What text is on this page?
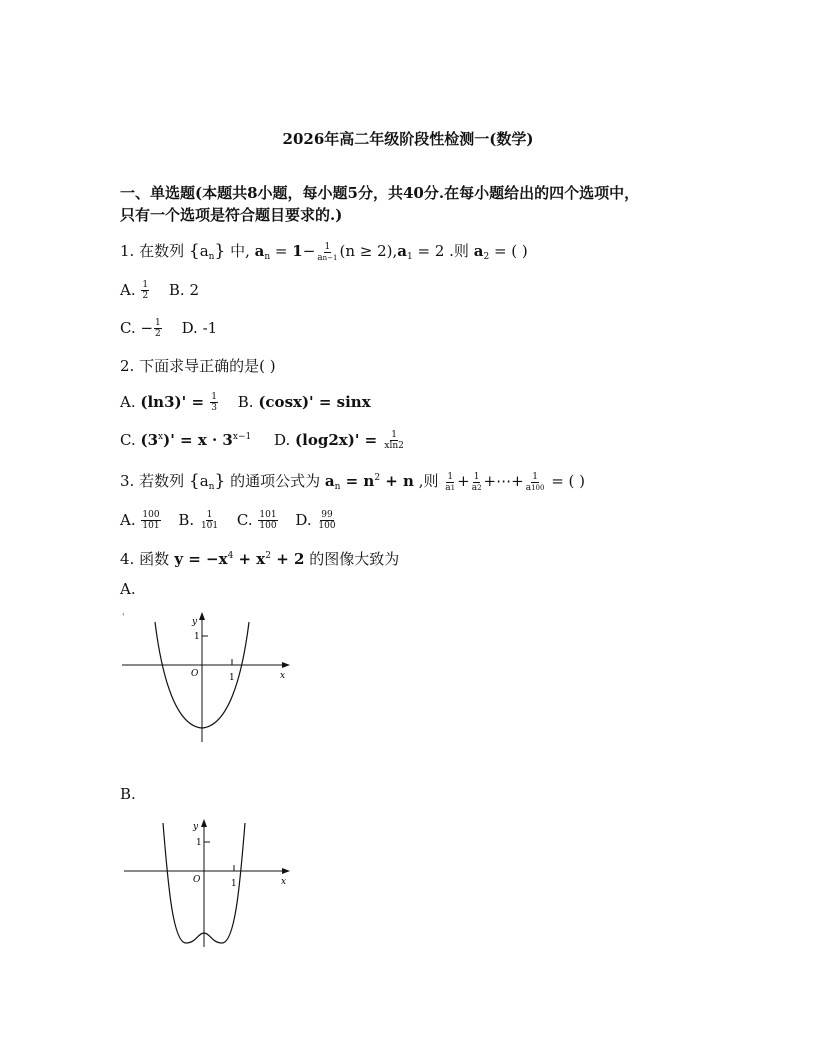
2026年高二年级阶段性检测一(数学)
一、单选题(本题共8小题，每小题5分，共40分.在每小题给出的四个选项中，
只有一个选项是符合题目要求的.)
1. 在数列 $\{a_n\}$ 中, $a_n = 1- \frac{1}{an-1} (n \ge 2),a_1 = 2$ .则 $a_2$ = ( )
A. $\frac{1}{2} B$. 2
C. − $\frac{1}{2} D$. -1
2. 下面求导正确的是( )
A. $(\ln 3)' = \frac{1}{3} B$. (cosx)' = sinx
C. $(3^x)' = x \cdot 3^{x-1}$ D. $(\log 2x)' = \frac{1}{xln2}$
3. 若数列 $\{a_n\}$ 的通项公式为 $a_n = n^2 + n$ ,则 $\frac{1}{a1} + \frac{1}{a2}$ +⋯+ $\frac{1}{a100}$ = ( )
A. $\frac{100}{101} B$. $\frac{1}{101} C$. $\frac{101}{100} D$. $\frac{99}{100}$
4. 函数 $y = -x^4 + x^2 + 2$ 的图像大致为
A.
'	y
x
O
1
1
B.
y
x
O
1
1
